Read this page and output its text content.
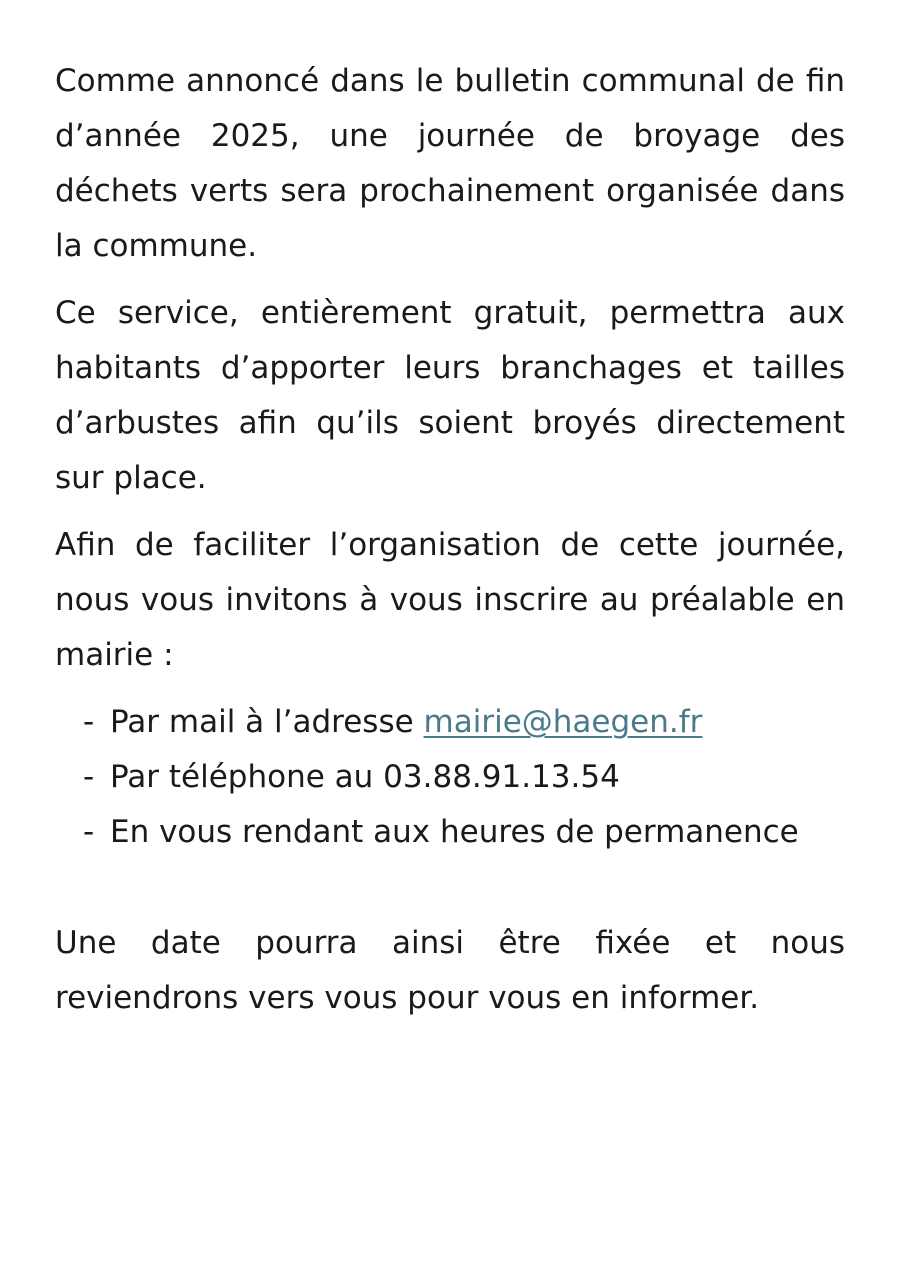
Comme annoncé dans le bulletin communal de fin d’année 2025, une journée de broyage des déchets verts sera prochainement organisée dans la commune.

Ce service, entièrement gratuit, permettra aux habitants d’apporter leurs branchages et tailles d’arbustes afin qu’ils soient broyés directement sur place.

Afin de faciliter l’organisation de cette journée, nous vous invitons à vous inscrire au préalable en mairie :

- Par mail à l’adresse mairie@haegen.fr
- Par téléphone au 03.88.91.13.54
- En vous rendant aux heures de permanence

Une date pourra ainsi être fixée et nous reviendrons vers vous pour vous en informer.
